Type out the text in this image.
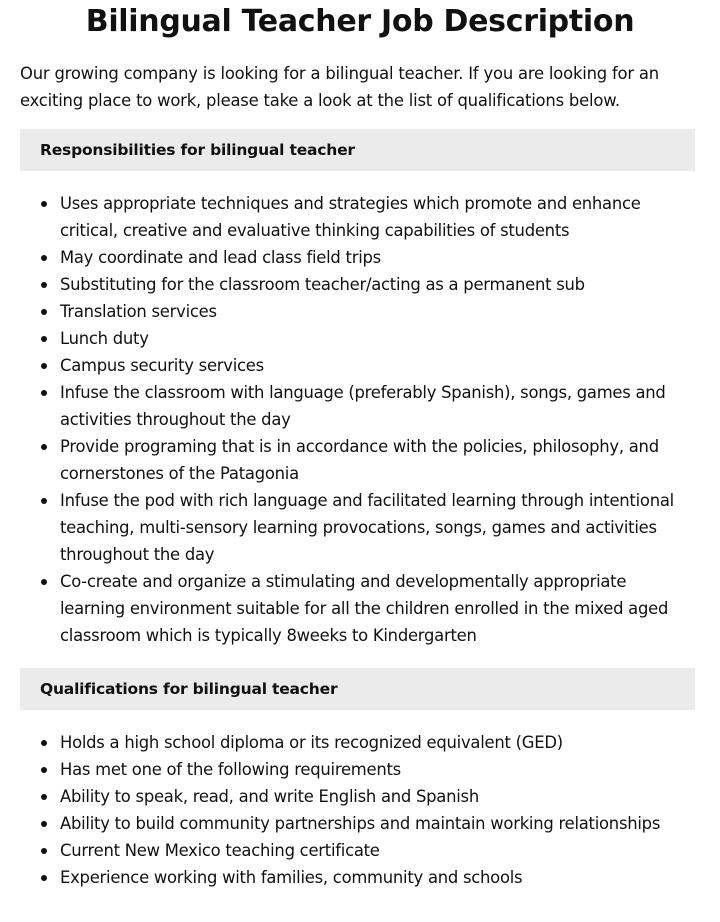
Bilingual Teacher Job Description

Our growing company is looking for a bilingual teacher. If you are looking for an exciting place to work, please take a look at the list of qualifications below.

Responsibilities for bilingual teacher
Uses appropriate techniques and strategies which promote and enhance critical, creative and evaluative thinking capabilities of students
May coordinate and lead class field trips
Substituting for the classroom teacher/acting as a permanent sub
Translation services
Lunch duty
Campus security services
Infuse the classroom with language (preferably Spanish), songs, games and activities throughout the day
Provide programing that is in accordance with the policies, philosophy, and cornerstones of the Patagonia
Infuse the pod with rich language and facilitated learning through intentional teaching, multi-sensory learning provocations, songs, games and activities throughout the day
Co-create and organize a stimulating and developmentally appropriate learning environment suitable for all the children enrolled in the mixed aged classroom which is typically 8weeks to Kindergarten
Qualifications for bilingual teacher
Holds a high school diploma or its recognized equivalent (GED)
Has met one of the following requirements
Ability to speak, read, and write English and Spanish
Ability to build community partnerships and maintain working relationships
Current New Mexico teaching certificate
Experience working with families, community and schools
